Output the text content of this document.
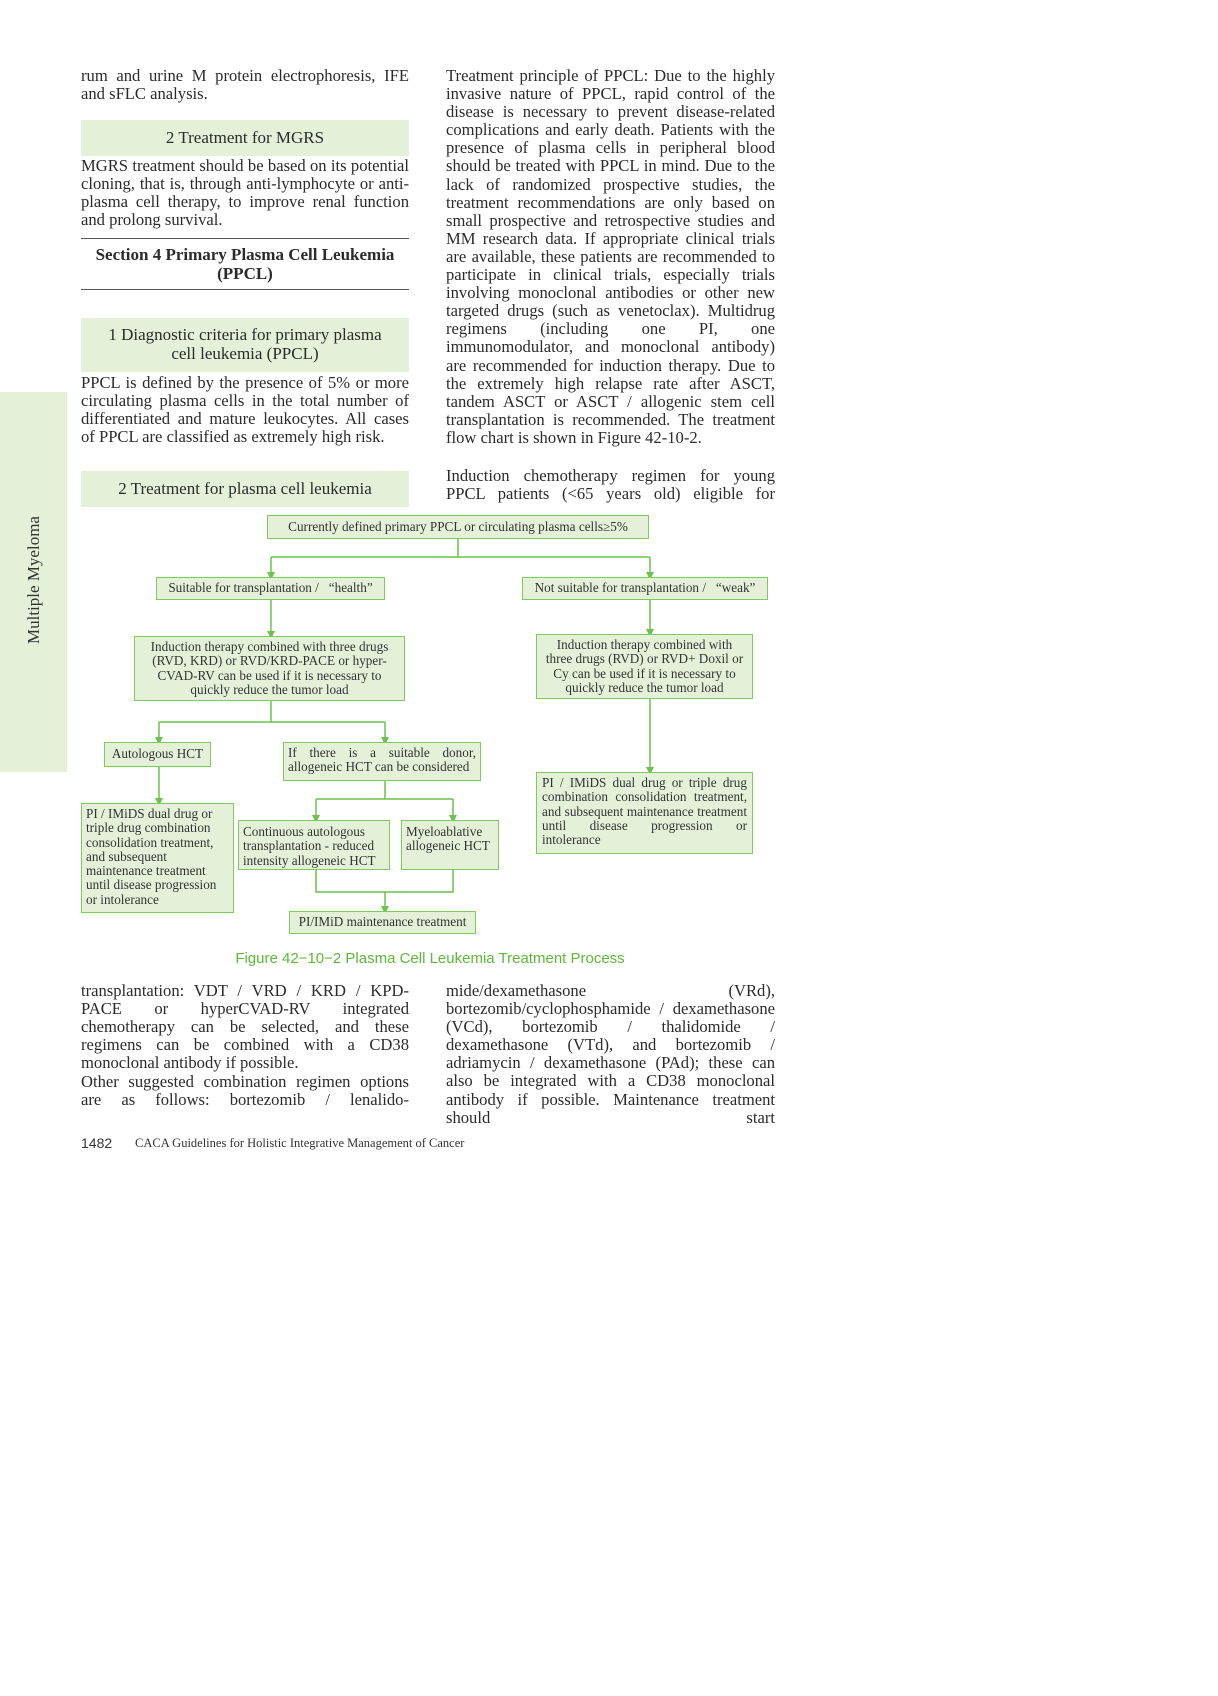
Multiple Myeloma

rum and urine M protein electrophoresis, IFE and sFLC analysis.

2 Treatment for MGRS

MGRS treatment should be based on its potential cloning, that is, through anti-lymphocyte or anti-plasma cell therapy, to improve renal function and prolong survival.

Section 4 Primary Plasma Cell Leukemia
(PPCL)
1 Diagnostic criteria for primary plasma
cell leukemia (PPCL)

PPCL is defined by the presence of 5% or more circulating plasma cells in the total number of differentiated and mature leukocytes. All cases of PPCL are classified as extremely high risk.

2 Treatment for plasma cell leukemia

Treatment principle of PPCL: Due to the highly invasive nature of PPCL, rapid control of the disease is necessary to prevent disease-related complications and early death. Patients with the presence of plasma cells in peripheral blood should be treated with PPCL in mind. Due to the lack of randomized prospective studies, the treatment recommendations are only based on small prospective and retrospective studies and MM research data. If appropriate clinical trials are available, these patients are recommended to participate in clinical trials, especially trials involving monoclonal antibodies or other new targeted drugs (such as venetoclax). Multidrug regimens (including one PI, one immunomodulator, and monoclonal antibody) are recommended for induction therapy. Due to the extremely high relapse rate after ASCT, tandem ASCT or ASCT / allogenic stem cell transplantation is recommended. The treatment flow chart is shown in Figure 42-10-2.

Induction chemotherapy regimen for young PPCL patients (<65 years old) eligible for

Currently defined primary PPCL or circulating plasma cells≥5%
Suitable for transplantation /   “health”	Not suitable for transplantation /   “weak”
Induction therapy combined with three drugs (RVD, KRD) or RVD/KRD-PACE or hyper-CVAD-RV can be used if it is necessary to quickly reduce the tumor load
Induction therapy combined with three drugs (RVD) or RVD+ Doxil or Cy can be used if it is necessary to quickly reduce the tumor load
Autologous HCT	If there is a suitable donor, allogeneic HCT can be considered
PI / IMiDS dual drug or triple drug combination consolidation treatment, and subsequent maintenance treatment until disease progression or intolerance
Continuous autologous transplantation - reduced intensity allogeneic HCT
Myeloablative allogeneic HCT
PI/IMiD maintenance treatment
PI / IMiDS dual drug or triple drug combination consolidation treatment, and subsequent maintenance treatment until disease progression or intolerance
Figure 42−10−2 Plasma Cell Leukemia Treatment Process

transplantation: VDT / VRD / KRD / KPD-PACE or hyperCVAD-RV integrated chemotherapy can be selected, and these regimens can be combined with a CD38 monoclonal antibody if possible.

Other suggested combination regimen options are as follows: bortezomib / lenalido-

mide/dexamethasone (VRd), bortezomib/cyclophosphamide / dexamethasone (VCd), bortezomib / thalidomide / dexamethasone (VTd), and bortezomib / adriamycin / dexamethasone (PAd); these can also be integrated with a CD38 monoclonal antibody if possible. Maintenance treatment should start

1482 CACA Guidelines for Holistic Integrative Management of Cancer
